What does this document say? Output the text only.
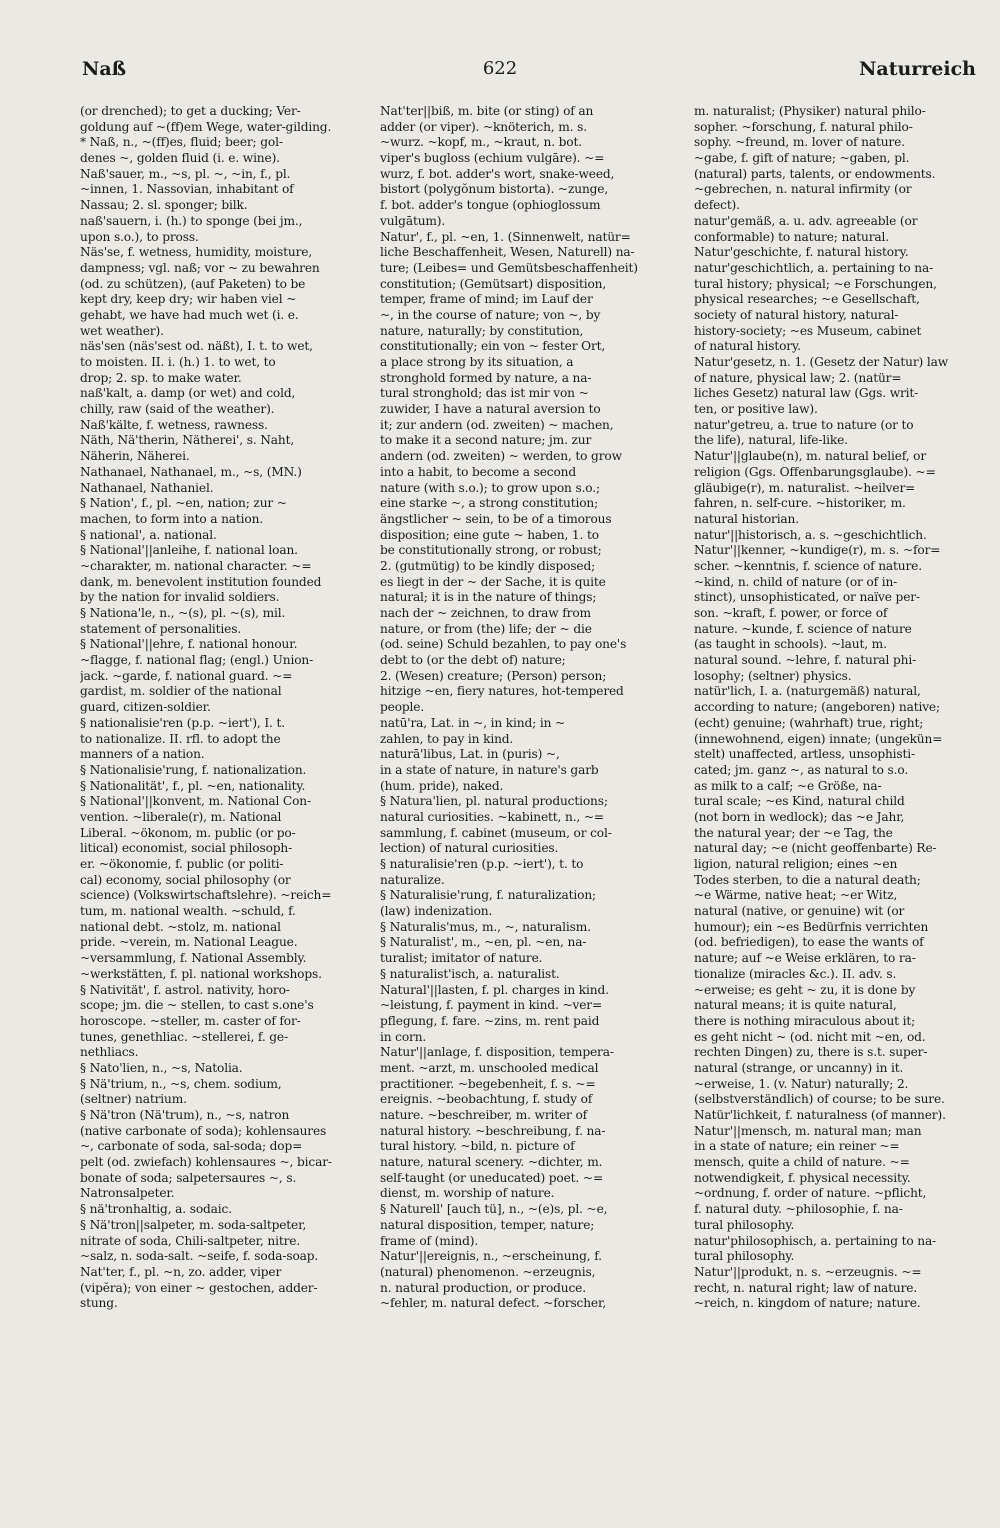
Naß	622	Naturreich
(or drenched); to get a ducking; Ver-
goldung auf ~(ff)em Wege, water-gilding.
* Naß, n., ~(ff)es, fluid; beer; gol-
denes ~, golden fluid (i. e. wine).
Naß'sauer, m., ~s, pl. ~, ~in, f., pl.
~innen, 1. Nassovian, inhabitant of
Nassau; 2. sl. sponger; bilk.
naß'sauern, i. (h.) to sponge (bei jm.,
upon s.o.), to pross.
Näs'se, f. wetness, humidity, moisture,
dampness; vgl. naß; vor ~ zu bewahren
(od. zu schützen), (auf Paketen) to be
kept dry, keep dry; wir haben viel ~
gehabt, we have had much wet (i. e.
wet weather).
näs'sen (näs'sest od. näßt), I. t. to wet,
to moisten. II. i. (h.) 1. to wet, to
drop; 2. sp. to make water.
naß'kalt, a. damp (or wet) and cold,
chilly, raw (said of the weather).
Naß'kälte, f. wetness, rawness.
Näth, Nä'therin, Nätherei', s. Naht,
Näherin, Näherei.
Nathanael, Nathanael, m., ~s, (MN.)
Nathanael, Nathaniel.
§ Nation', f., pl. ~en, nation; zur ~
machen, to form into a nation.
§ national', a. national.
§ National'||anleihe, f. national loan.
~charakter, m. national character. ~=
dank, m. benevolent institution founded
by the nation for invalid soldiers.
§ Nationa'le, n., ~(s), pl. ~(s), mil.
statement of personalities.
§ National'||ehre, f. national honour.
~flagge, f. national flag; (engl.) Union-
jack. ~garde, f. national guard. ~=
gardist, m. soldier of the national
guard, citizen-soldier.
§ nationalisie'ren (p.p. ~iert'), I. t.
to nationalize. II. rfl. to adopt the
manners of a nation.
§ Nationalisie'rung, f. nationalization.
§ Nationalität', f., pl. ~en, nationality.
§ National'||konvent, m. National Con-
vention. ~liberale(r), m. National
Liberal. ~ökonom, m. public (or po-
litical) economist, social philosoph-
er. ~ökonomie, f. public (or politi-
cal) economy, social philosophy (or
science) (Volkswirtschaftslehre). ~reich=
tum, m. national wealth. ~schuld, f.
national debt. ~stolz, m. national
pride. ~verein, m. National League.
~versammlung, f. National Assembly.
~werkstätten, f. pl. national workshops.
§ Nativität', f. astrol. nativity, horo-
scope; jm. die ~ stellen, to cast s.one's
horoscope. ~steller, m. caster of for-
tunes, genethliac. ~stellerei, f. ge-
nethliacs.
§ Nato'lien, n., ~s, Natolia.
§ Nä'trium, n., ~s, chem. sodium,
(seltner) natrium.
§ Nä'tron (Nä'trum), n., ~s, natron
(native carbonate of soda); kohlensaures
~, carbonate of soda, sal-soda; dop=
pelt (od. zwiefach) kohlensaures ~, bicar-
bonate of soda; salpetersaures ~, s.
Natronsalpeter.
§ nä'tronhaltig, a. sodaic.
§ Nä'tron||salpeter, m. soda-saltpeter,
nitrate of soda, Chili-saltpeter, nitre.
~salz, n. soda-salt. ~seife, f. soda-soap.
Nat'ter, f., pl. ~n, zo. adder, viper
(vipĕra); von einer ~ gestochen, adder-
stung.
Nat'ter||biß, m. bite (or sting) of an
adder (or viper). ~knöterich, m. s.
~wurz. ~kopf, m., ~kraut, n. bot.
viper's bugloss (echium vulgāre). ~=
wurz, f. bot. adder's wort, snake-weed,
bistort (polygŏnum bistorta). ~zunge,
f. bot. adder's tongue (ophioglossum
vulgātum).
Natur', f., pl. ~en, 1. (Sinnenwelt, natür=
liche Beschaffenheit, Wesen, Naturell) na-
ture; (Leibes= und Gemütsbeschaffenheit)
constitution; (Gemütsart) disposition,
temper, frame of mind; im Lauf der
~, in the course of nature; von ~, by
nature, naturally; by constitution,
constitutionally; ein von ~ fester Ort,
a place strong by its situation, a
stronghold formed by nature, a na-
tural stronghold; das ist mir von ~
zuwider, I have a natural aversion to
it; zur andern (od. zweiten) ~ machen,
to make it a second nature; jm. zur
andern (od. zweiten) ~ werden, to grow
into a habit, to become a second
nature (with s.o.); to grow upon s.o.;
eine starke ~, a strong constitution;
ängstlicher ~ sein, to be of a timorous
disposition; eine gute ~ haben, 1. to
be constitutionally strong, or robust;
2. (gutmütig) to be kindly disposed;
es liegt in der ~ der Sache, it is quite
natural; it is in the nature of things;
nach der ~ zeichnen, to draw from
nature, or from (the) life; der ~ die
(od. seine) Schuld bezahlen, to pay one's
debt to (or the debt of) nature;
2. (Wesen) creature; (Person) person;
hitzige ~en, fiery natures, hot-tempered
people.
natū'ra, Lat. in ~, in kind; in ~
zahlen, to pay in kind.
naturā'libus, Lat. in (puris) ~,
in a state of nature, in nature's garb
(hum. pride), naked.
§ Natura'lien, pl. natural productions;
natural curiosities. ~kabinett, n., ~=
sammlung, f. cabinet (museum, or col-
lection) of natural curiosities.
§ naturalisie'ren (p.p. ~iert'), t. to
naturalize.
§ Naturalisie'rung, f. naturalization;
(law) indenization.
§ Naturalis'mus, m., ~, naturalism.
§ Naturalist', m., ~en, pl. ~en, na-
turalist; imitator of nature.
§ naturalist'isch, a. naturalist.
Natural'||lasten, f. pl. charges in kind.
~leistung, f. payment in kind. ~ver=
pflegung, f. fare. ~zins, m. rent paid
in corn.
Natur'||anlage, f. disposition, tempera-
ment. ~arzt, m. unschooled medical
practitioner. ~begebenheit, f. s. ~=
ereignis. ~beobachtung, f. study of
nature. ~beschreiber, m. writer of
natural history. ~beschreibung, f. na-
tural history. ~bild, n. picture of
nature, natural scenery. ~dichter, m.
self-taught (or uneducated) poet. ~=
dienst, m. worship of nature.
§ Naturell' [auch tü], n., ~(e)s, pl. ~e,
natural disposition, temper, nature;
frame of (mind).
Natur'||ereignis, n., ~erscheinung, f.
(natural) phenomenon. ~erzeugnis,
n. natural production, or produce.
~fehler, m. natural defect. ~forscher,
m. naturalist; (Physiker) natural philo-
sopher. ~forschung, f. natural philo-
sophy. ~freund, m. lover of nature.
~gabe, f. gift of nature; ~gaben, pl.
(natural) parts, talents, or endowments.
~gebrechen, n. natural infirmity (or
defect).
natur'gemäß, a. u. adv. agreeable (or
conformable) to nature; natural.
Natur'geschichte, f. natural history.
natur'geschichtlich, a. pertaining to na-
tural history; physical; ~e Forschungen,
physical researches; ~e Gesellschaft,
society of natural history, natural-
history-society; ~es Museum, cabinet
of natural history.
Natur'gesetz, n. 1. (Gesetz der Natur) law
of nature, physical law; 2. (natür=
liches Gesetz) natural law (Ggs. writ-
ten, or positive law).
natur'getreu, a. true to nature (or to
the life), natural, life-like.
Natur'||glaube(n), m. natural belief, or
religion (Ggs. Offenbarungsglaube). ~=
gläubige(r), m. naturalist. ~heilver=
fahren, n. self-cure. ~historiker, m.
natural historian.
natur'||historisch, a. s. ~geschichtlich.
Natur'||kenner, ~kundige(r), m. s. ~for=
scher. ~kenntnis, f. science of nature.
~kind, n. child of nature (or of in-
stinct), unsophisticated, or naïve per-
son. ~kraft, f. power, or force of
nature. ~kunde, f. science of nature
(as taught in schools). ~laut, m.
natural sound. ~lehre, f. natural phi-
losophy; (seltner) physics.
natür'lich, I. a. (naturgemäß) natural,
according to nature; (angeboren) native;
(echt) genuine; (wahrhaft) true, right;
(innewohnend, eigen) innate; (ungekün=
stelt) unaffected, artless, unsophisti-
cated; jm. ganz ~, as natural to s.o.
as milk to a calf; ~e Größe, na-
tural scale; ~es Kind, natural child
(not born in wedlock); das ~e Jahr,
the natural year; der ~e Tag, the
natural day; ~e (nicht geoffenbarte) Re-
ligion, natural religion; eines ~en
Todes sterben, to die a natural death;
~e Wärme, native heat; ~er Witz,
natural (native, or genuine) wit (or
humour); ein ~es Bedürfnis verrichten
(od. befriedigen), to ease the wants of
nature; auf ~e Weise erklären, to ra-
tionalize (miracles &c.). II. adv. s.
~erweise; es geht ~ zu, it is done by
natural means; it is quite natural,
there is nothing miraculous about it;
es geht nicht ~ (od. nicht mit ~en, od.
rechten Dingen) zu, there is s.t. super-
natural (strange, or uncanny) in it.
~erweise, 1. (v. Natur) naturally; 2.
(selbstverständlich) of course; to be sure.
Natür'lichkeit, f. naturalness (of manner).
Natur'||mensch, m. natural man; man
in a state of nature; ein reiner ~=
mensch, quite a child of nature. ~=
notwendigkeit, f. physical necessity.
~ordnung, f. order of nature. ~pflicht,
f. natural duty. ~philosophie, f. na-
tural philosophy.
natur'philosophisch, a. pertaining to na-
tural philosophy.
Natur'||produkt, n. s. ~erzeugnis. ~=
recht, n. natural right; law of nature.
~reich, n. kingdom of nature; nature.
